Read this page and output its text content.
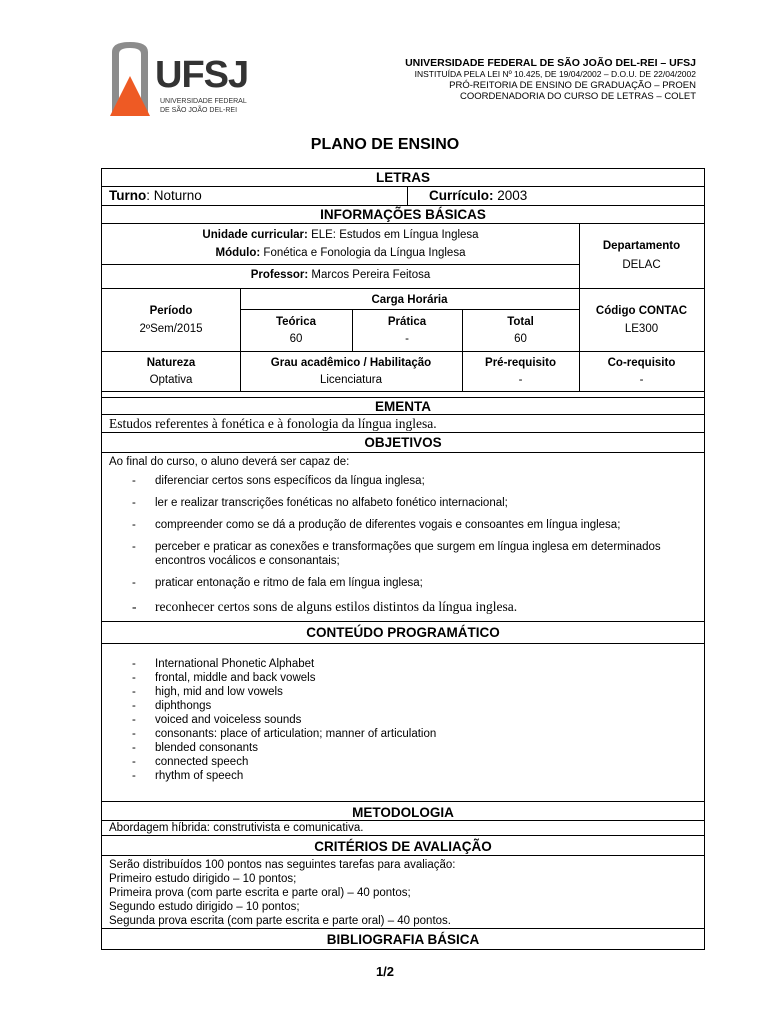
UFSJ
UNIVERSIDADE FEDERAL
DE SÃO JOÃO DEL-REI
UNIVERSIDADE FEDERAL DE SÃO JOÃO DEL-REI – UFSJ
INSTITUÍDA PELA LEI Nº 10.425, DE 19/04/2002 – D.O.U. DE 22/04/2002
PRÓ-REITORIA DE ENSINO DE GRADUAÇÃO – PROEN
COORDENADORIA DO CURSO DE LETRAS – COLET
PLANO DE ENSINO
LETRAS
Turno: Noturno	Currículo: 2003
INFORMAÇÕES BÁSICAS
Unidade curricular: ELE: Estudos em Língua Inglesa
Módulo: Fonética e Fonologia da Língua Inglesa
Professor: Marcos Pereira Feitosa
Departamento
DELAC
Período
2ºSem/2015
Carga Horária
Teórica
60
Prática
-
Total
60
Código CONTAC
LE300
Natureza
Optativa
Grau acadêmico / Habilitação
Licenciatura
Pré-requisito
-
Co-requisito
-
EMENTA
Estudos referentes à fonética e à fonologia da língua inglesa.
OBJETIVOS
Ao final do curso, o aluno deverá ser capaz de:
- diferenciar certos sons específicos da língua inglesa;
- ler e realizar transcrições fonéticas no alfabeto fonético internacional;
- compreender como se dá a produção de diferentes vogais e consoantes em língua inglesa;
- perceber e praticar as conexões e transformações que surgem em língua inglesa em determinados encontros vocálicos e consonantais;
- praticar entonação e ritmo de fala em língua inglesa;
- reconhecer certos sons de alguns estilos distintos da língua inglesa.
CONTEÚDO PROGRAMÁTICO
- International Phonetic Alphabet
- frontal, middle and back vowels
- high, mid and low vowels
- diphthongs
- voiced and voiceless sounds
- consonants: place of articulation; manner of articulation
- blended consonants
- connected speech
- rhythm of speech
METODOLOGIA
Abordagem híbrida: construtivista e comunicativa.
CRITÉRIOS DE AVALIAÇÃO
Serão distribuídos 100 pontos nas seguintes tarefas para avaliação:
Primeiro estudo dirigido – 10 pontos;
Primeira prova (com parte escrita e parte oral) – 40 pontos;
Segundo estudo dirigido – 10 pontos;
Segunda prova escrita (com parte escrita e parte oral) – 40 pontos.
BIBLIOGRAFIA BÁSICA
1/2
